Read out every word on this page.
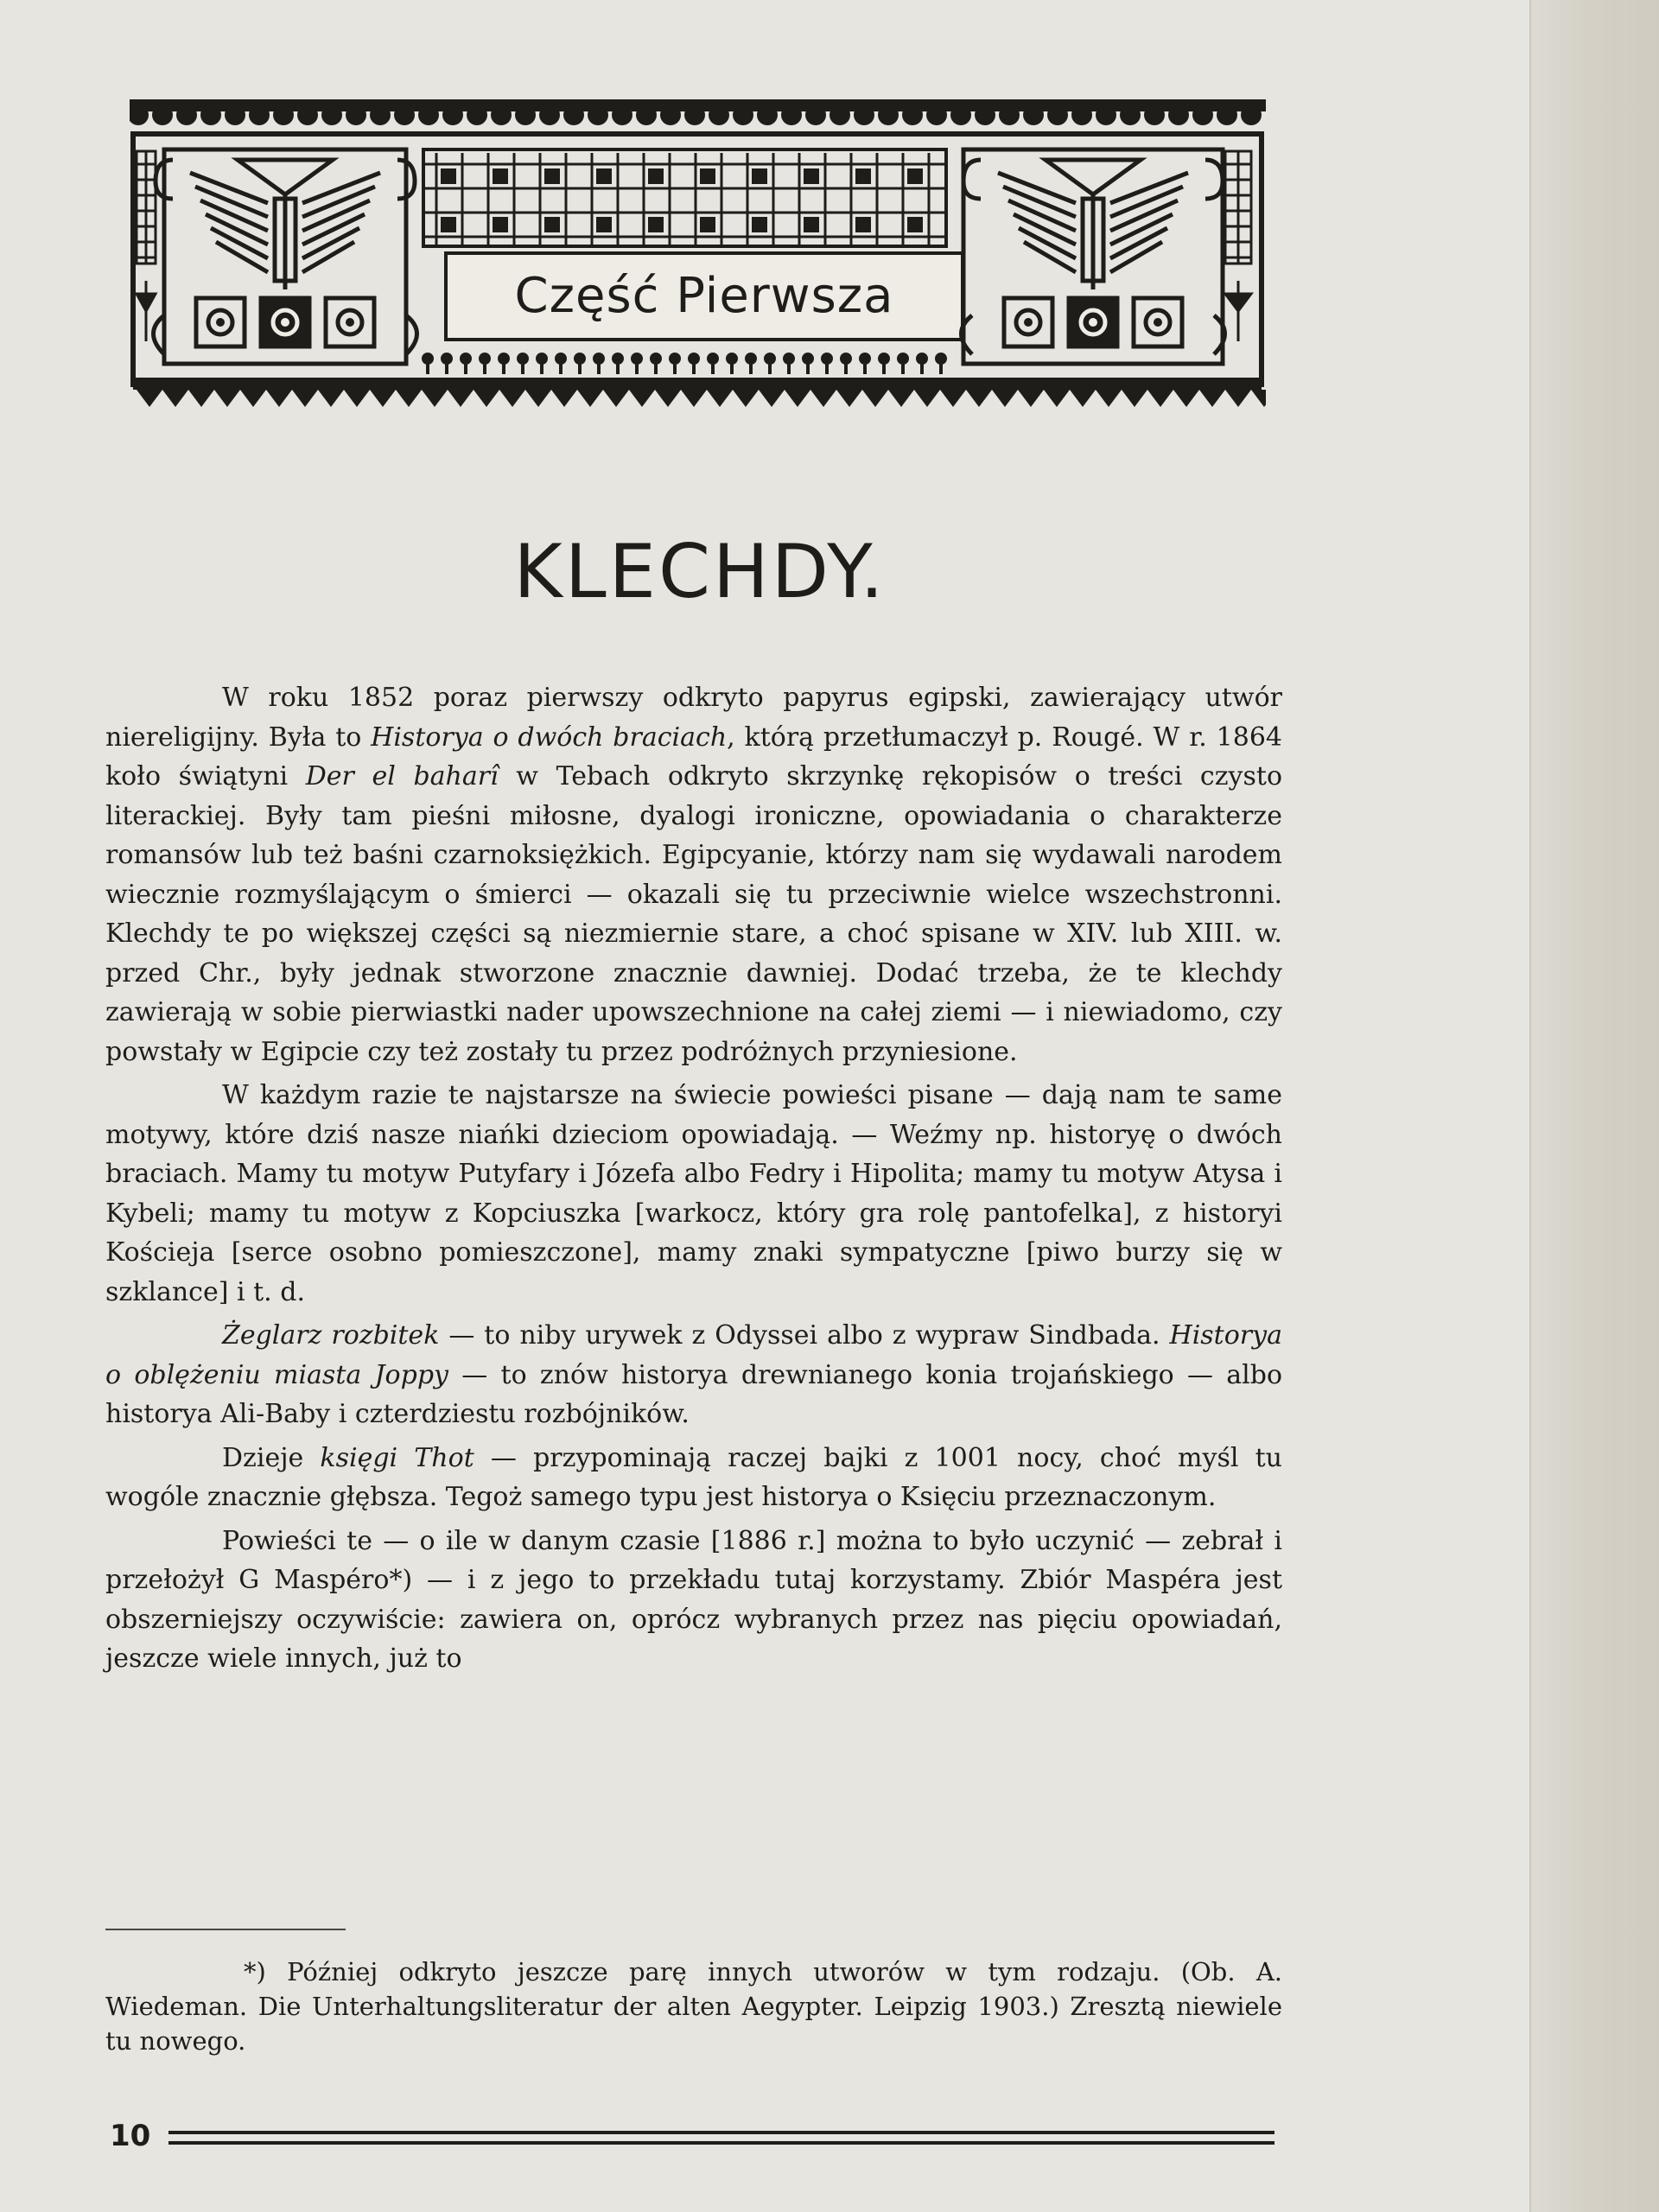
Część Pierwsza
KLECHDY.

W roku 1852 poraz pierwszy odkryto papyrus egipski, zawierający utwór niereligijny. Była to Historya o dwóch braciach, którą przetłumaczył p. Rougé. W r. 1864 koło świątyni Der el baharî w Tebach odkryto skrzynkę rękopisów o treści czysto literackiej. Były tam pieśni miłosne, dyalogi ironiczne, opowiadania o charakterze romansów lub też baśni czarnoksiężkich. Egipcyanie, którzy nam się wydawali narodem wiecznie rozmyślającym o śmierci — okazali się tu przeciwnie wielce wszechstronni. Klechdy te po większej części są niezmiernie stare, a choć spisane w XIV. lub XIII. w. przed Chr., były jednak stworzone znacznie dawniej. Dodać trzeba, że te klechdy zawierają w sobie pierwiastki nader upowszechnione na całej ziemi — i niewiadomo, czy powstały w Egipcie czy też zostały tu przez podróżnych przyniesione.

W każdym razie te najstarsze na świecie powieści pisane — dają nam te same motywy, które dziś nasze niańki dzieciom opowiadają. — Weźmy np. historyę o dwóch braciach. Mamy tu motyw Putyfary i Józefa albo Fedry i Hipolita; mamy tu motyw Atysa i Kybeli; mamy tu motyw z Kopciuszka [warkocz, który gra rolę pantofelka], z historyi Kościeja [serce osobno pomieszczone], mamy znaki sympatyczne [piwo burzy się w szklance] i t. d.

Żeglarz rozbitek — to niby urywek z Odyssei albo z wypraw Sindbada. Historya o oblężeniu miasta Joppy — to znów historya drewnianego konia trojańskiego — albo historya Ali-Baby i czterdziestu rozbójników.

Dzieje księgi Thot — przypominają raczej bajki z 1001 nocy, choć myśl tu wogóle znacznie głębsza. Tegoż samego typu jest historya o Księciu przeznaczonym.

Powieści te — o ile w danym czasie [1886 r.] można to było uczynić — zebrał i przełożył G Maspéro*) — i z jego to przekładu tutaj korzystamy. Zbiór Maspéra jest obszerniejszy oczywiście: zawiera on, oprócz wybranych przez nas pięciu opowiadań, jeszcze wiele innych, już to

*) Później odkryto jeszcze parę innych utworów w tym rodzaju. (Ob. A. Wiedeman. Die Unterhaltungsliteratur der alten Aegypter. Leipzig 1903.) Zresztą niewiele tu nowego.

10
